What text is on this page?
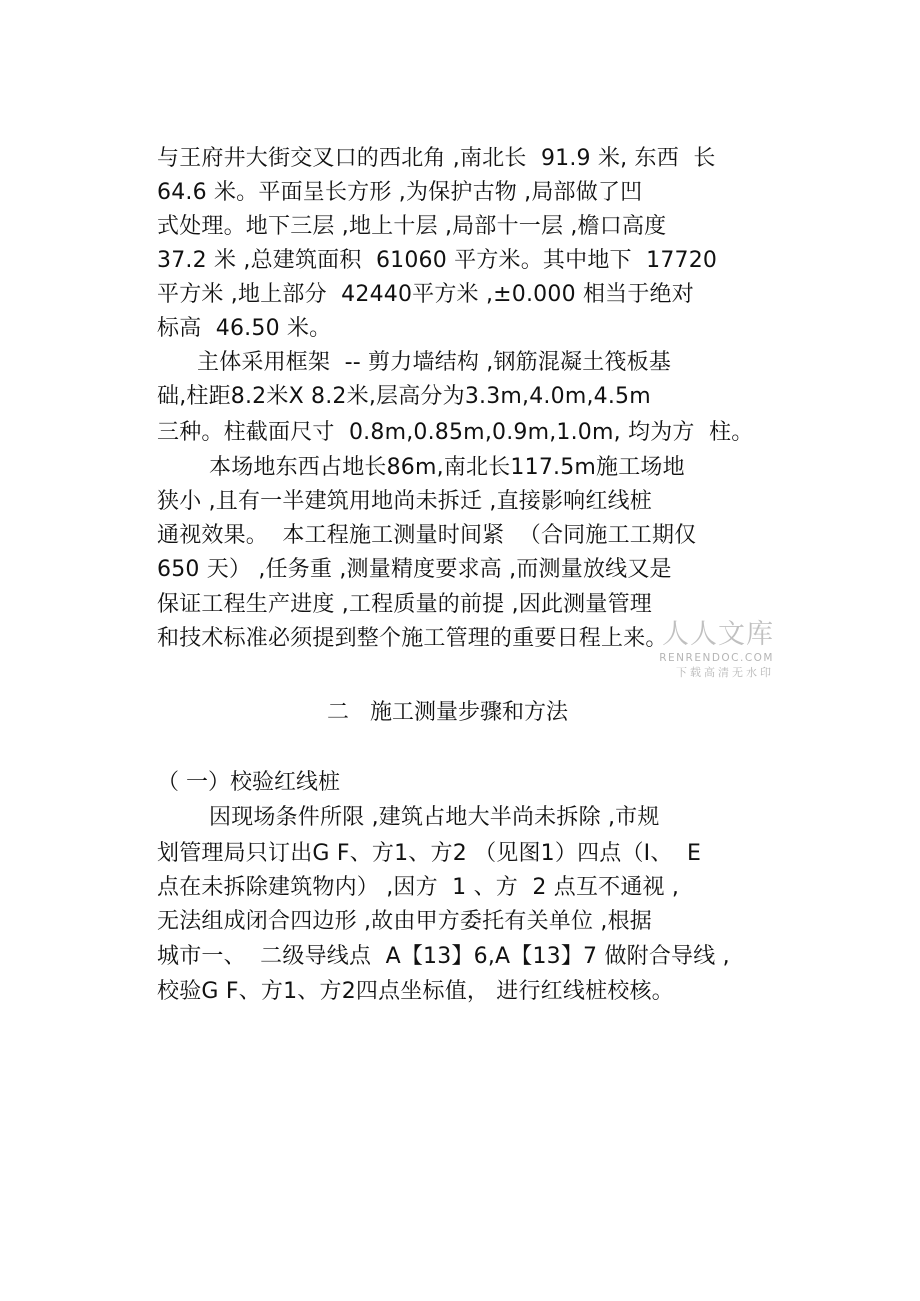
与王府井大街交叉口的西北角 ,南北长  91.9 米, 东西  长
64.6 米。平面呈长方形 ,为保护古物 ,局部做了凹
式处理。地下三层 ,地上十层 ,局部十一层 ,檐口高度
37.2 米 ,总建筑面积  61060 平方米。其中地下  17720
平方米 ,地上部分  42440平方米 ,±0.000 相当于绝对
标高  46.50 米。
主体采用框架  -- 剪力墙结构 ,钢筋混凝土筏板基
础,柱距8.2米X 8.2米,层高分为3.3m,4.0m,4.5m
三种。柱截面尺寸  0.8m,0.85m,0.9m,1.0m, 均为方  柱。
本场地东西占地长86m,南北长117.5m施工场地
狭小 ,且有一半建筑用地尚未拆迁 ,直接影响红线桩
通视效果。  本工程施工测量时间紧  （合同施工工期仅
650 天） ,任务重 ,测量精度要求高 ,而测量放线又是
保证工程生产进度 ,工程质量的前提 ,因此测量管理
和技术标准必须提到整个施工管理的重要日程上来。
人人文库
RENRENDOC.COM
下载高清无水印
二   施工测量步骤和方法
（ 一）校验红线桩
因现场条件所限 ,建筑占地大半尚未拆除 ,市规
划管理局只订出G F、方1、方2 （见图1）四点（I、  E
点在未拆除建筑物内） ,因方  1 、方  2 点互不通视 ,
无法组成闭合四边形 ,故由甲方委托有关单位 ,根据
城市一、  二级导线点  A【13】6,A【13】7 做附合导线 ,
校验G F、方1、方2四点坐标值， 进行红线桩校核。
